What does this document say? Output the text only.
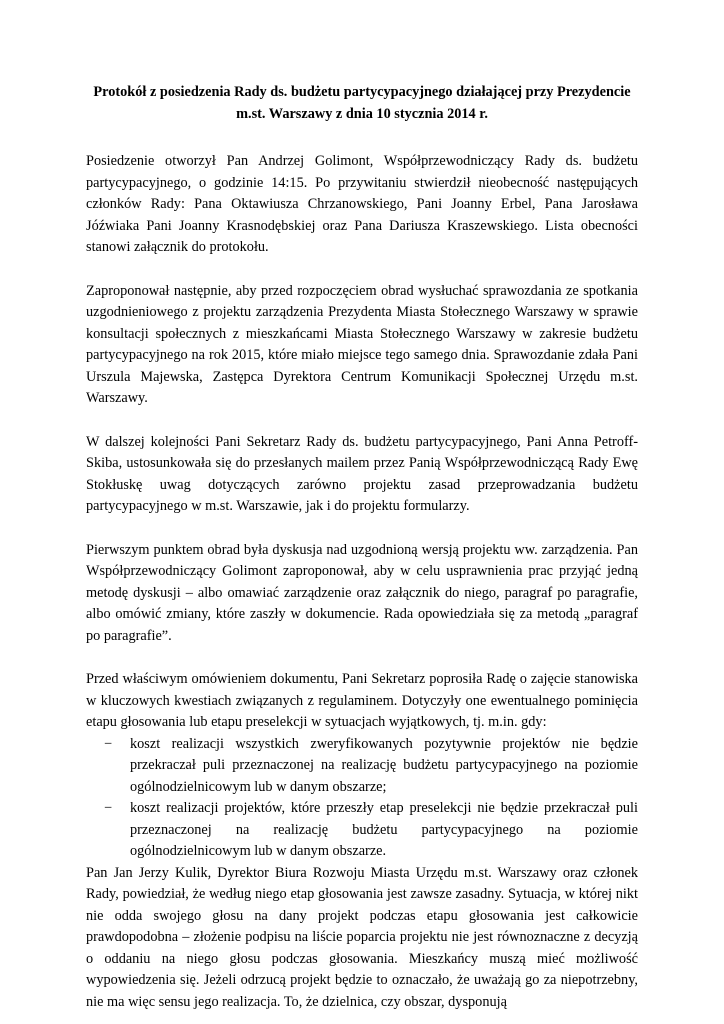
Protokół z posiedzenia Rady ds. budżetu partycypacyjnego działającej przy Prezydencie
m.st. Warszawy z dnia 10 stycznia 2014 r.

Posiedzenie otworzył Pan Andrzej Golimont, Współprzewodniczący Rady ds. budżetu partycypacyjnego, o godzinie 14:15. Po przywitaniu stwierdził nieobecność następujących członków Rady: Pana Oktawiusza Chrzanowskiego, Pani Joanny Erbel, Pana Jarosława Jóźwiaka Pani Joanny Krasnodębskiej oraz Pana Dariusza Kraszewskiego. Lista obecności stanowi załącznik do protokołu.

Zaproponował następnie, aby przed rozpoczęciem obrad wysłuchać sprawozdania ze spotkania uzgodnieniowego z projektu zarządzenia Prezydenta Miasta Stołecznego Warszawy w sprawie konsultacji społecznych z mieszkańcami Miasta Stołecznego Warszawy w zakresie budżetu partycypacyjnego na rok 2015, które miało miejsce tego samego dnia. Sprawozdanie zdała Pani Urszula Majewska, Zastępca Dyrektora Centrum Komunikacji Społecznej Urzędu m.st. Warszawy.

W dalszej kolejności Pani Sekretarz Rady ds. budżetu partycypacyjnego, Pani Anna Petroff-Skiba, ustosunkowała się do przesłanych mailem przez Panią Współprzewodniczącą Rady Ewę Stokłuskę uwag dotyczących zarówno projektu zasad przeprowadzania budżetu partycypacyjnego w m.st. Warszawie, jak i do projektu formularzy.

Pierwszym punktem obrad była dyskusja nad uzgodnioną wersją projektu ww. zarządzenia. Pan Współprzewodniczący Golimont zaproponował, aby w celu usprawnienia prac przyjąć jedną metodę dyskusji – albo omawiać zarządzenie oraz załącznik do niego, paragraf po paragrafie, albo omówić zmiany, które zaszły w dokumencie. Rada opowiedziała się za metodą „paragraf po paragrafie”.

Przed właściwym omówieniem dokumentu, Pani Sekretarz poprosiła Radę o zajęcie stanowiska w kluczowych kwestiach związanych z regulaminem. Dotyczyły one ewentualnego pominięcia etapu głosowania lub etapu preselekcji w sytuacjach wyjątkowych, tj. m.in. gdy:

− koszt realizacji wszystkich zweryfikowanych pozytywnie projektów nie będzie przekraczał puli przeznaczonej na realizację budżetu partycypacyjnego na poziomie ogólnodzielnicowym lub w danym obszarze;
− koszt realizacji projektów, które przeszły etap preselekcji nie będzie przekraczał puli przeznaczonej na realizację budżetu partycypacyjnego na poziomie ogólnodzielnicowym lub w danym obszarze.

Pan Jan Jerzy Kulik, Dyrektor Biura Rozwoju Miasta Urzędu m.st. Warszawy oraz członek Rady, powiedział, że według niego etap głosowania jest zawsze zasadny. Sytuacja, w której nikt nie odda swojego głosu na dany projekt podczas etapu głosowania jest całkowicie prawdopodobna – złożenie podpisu na liście poparcia projektu nie jest równoznaczne z decyzją o oddaniu na niego głosu podczas głosowania. Mieszkańcy muszą mieć możliwość wypowiedzenia się. Jeżeli odrzucą projekt będzie to oznaczało, że uważają go za niepotrzebny, nie ma więc sensu jego realizacja. To, że dzielnica, czy obszar, dysponują
